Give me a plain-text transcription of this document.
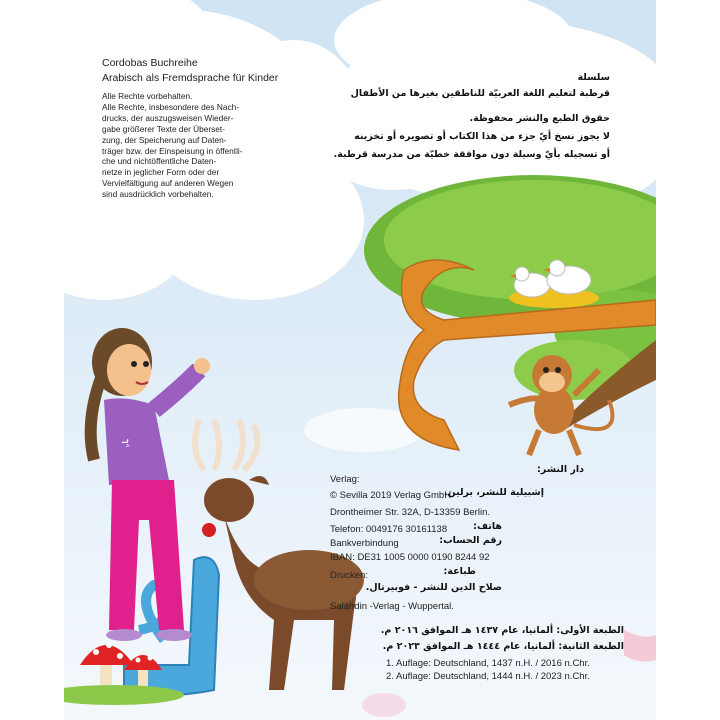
Cordobas Buchreihe
Arabisch als Fremdsprache für Kinder
Alle Rechte vorbehalten.
Alle Rechte, insbesondere des Nach-
drucks, der auszugsweisen Wieder-
gabe größerer Texte der Überset-
zung, der Speicherung auf Daten-
träger bzw. der Einspeisung in öffentli-
che und nichtöffentliche Daten-
netze in jeglicher Form oder der
Vervielfältigung auf anderen Wegen
sind ausdrücklich vorbehalten.
سلسلة
قرطبة لتعليم اللغة العربيّة للناطقين بغيرها من الأطفال
حقوق الطبع والنشر محفوظة.
لا يجوز نسخ أيّ جزء من هذا الكتاب أو تصويره أو تخزينه
أو تسجيله بأيّ وسيلة دون موافقة خطيّة من مدرسة قرطبة.
بِـ
دار النشر:
Verlag:
إشبيلية للنشر، برلين.
© Sevilla 2019 Verlag GmbH
Drontheimer Str. 32A, D-13359 Berlin.
Telefon: 0049176 30161138	هاتف:
رقم الحساب:
Bankverbindung
IBAN: DE31 1005 0000 0190 8244 92
Drucken:	طباعة:
صلاح الدين للنشر - فوبيرتال.
Salahdin -Verlag - Wuppertal.
الطبعة الأولى: ألمانيا، عام ١٤٣٧ هـ الموافق ٢٠١٦ م.
الطبعة الثانية: ألمانيا، عام ١٤٤٤ هـ الموافق ٢٠٢٣ م.
1. Auflage: Deutschland, 1437 n.H. / 2016 n.Chr.
2. Auflage: Deutschland, 1444 n.H. / 2023 n.Chr.
